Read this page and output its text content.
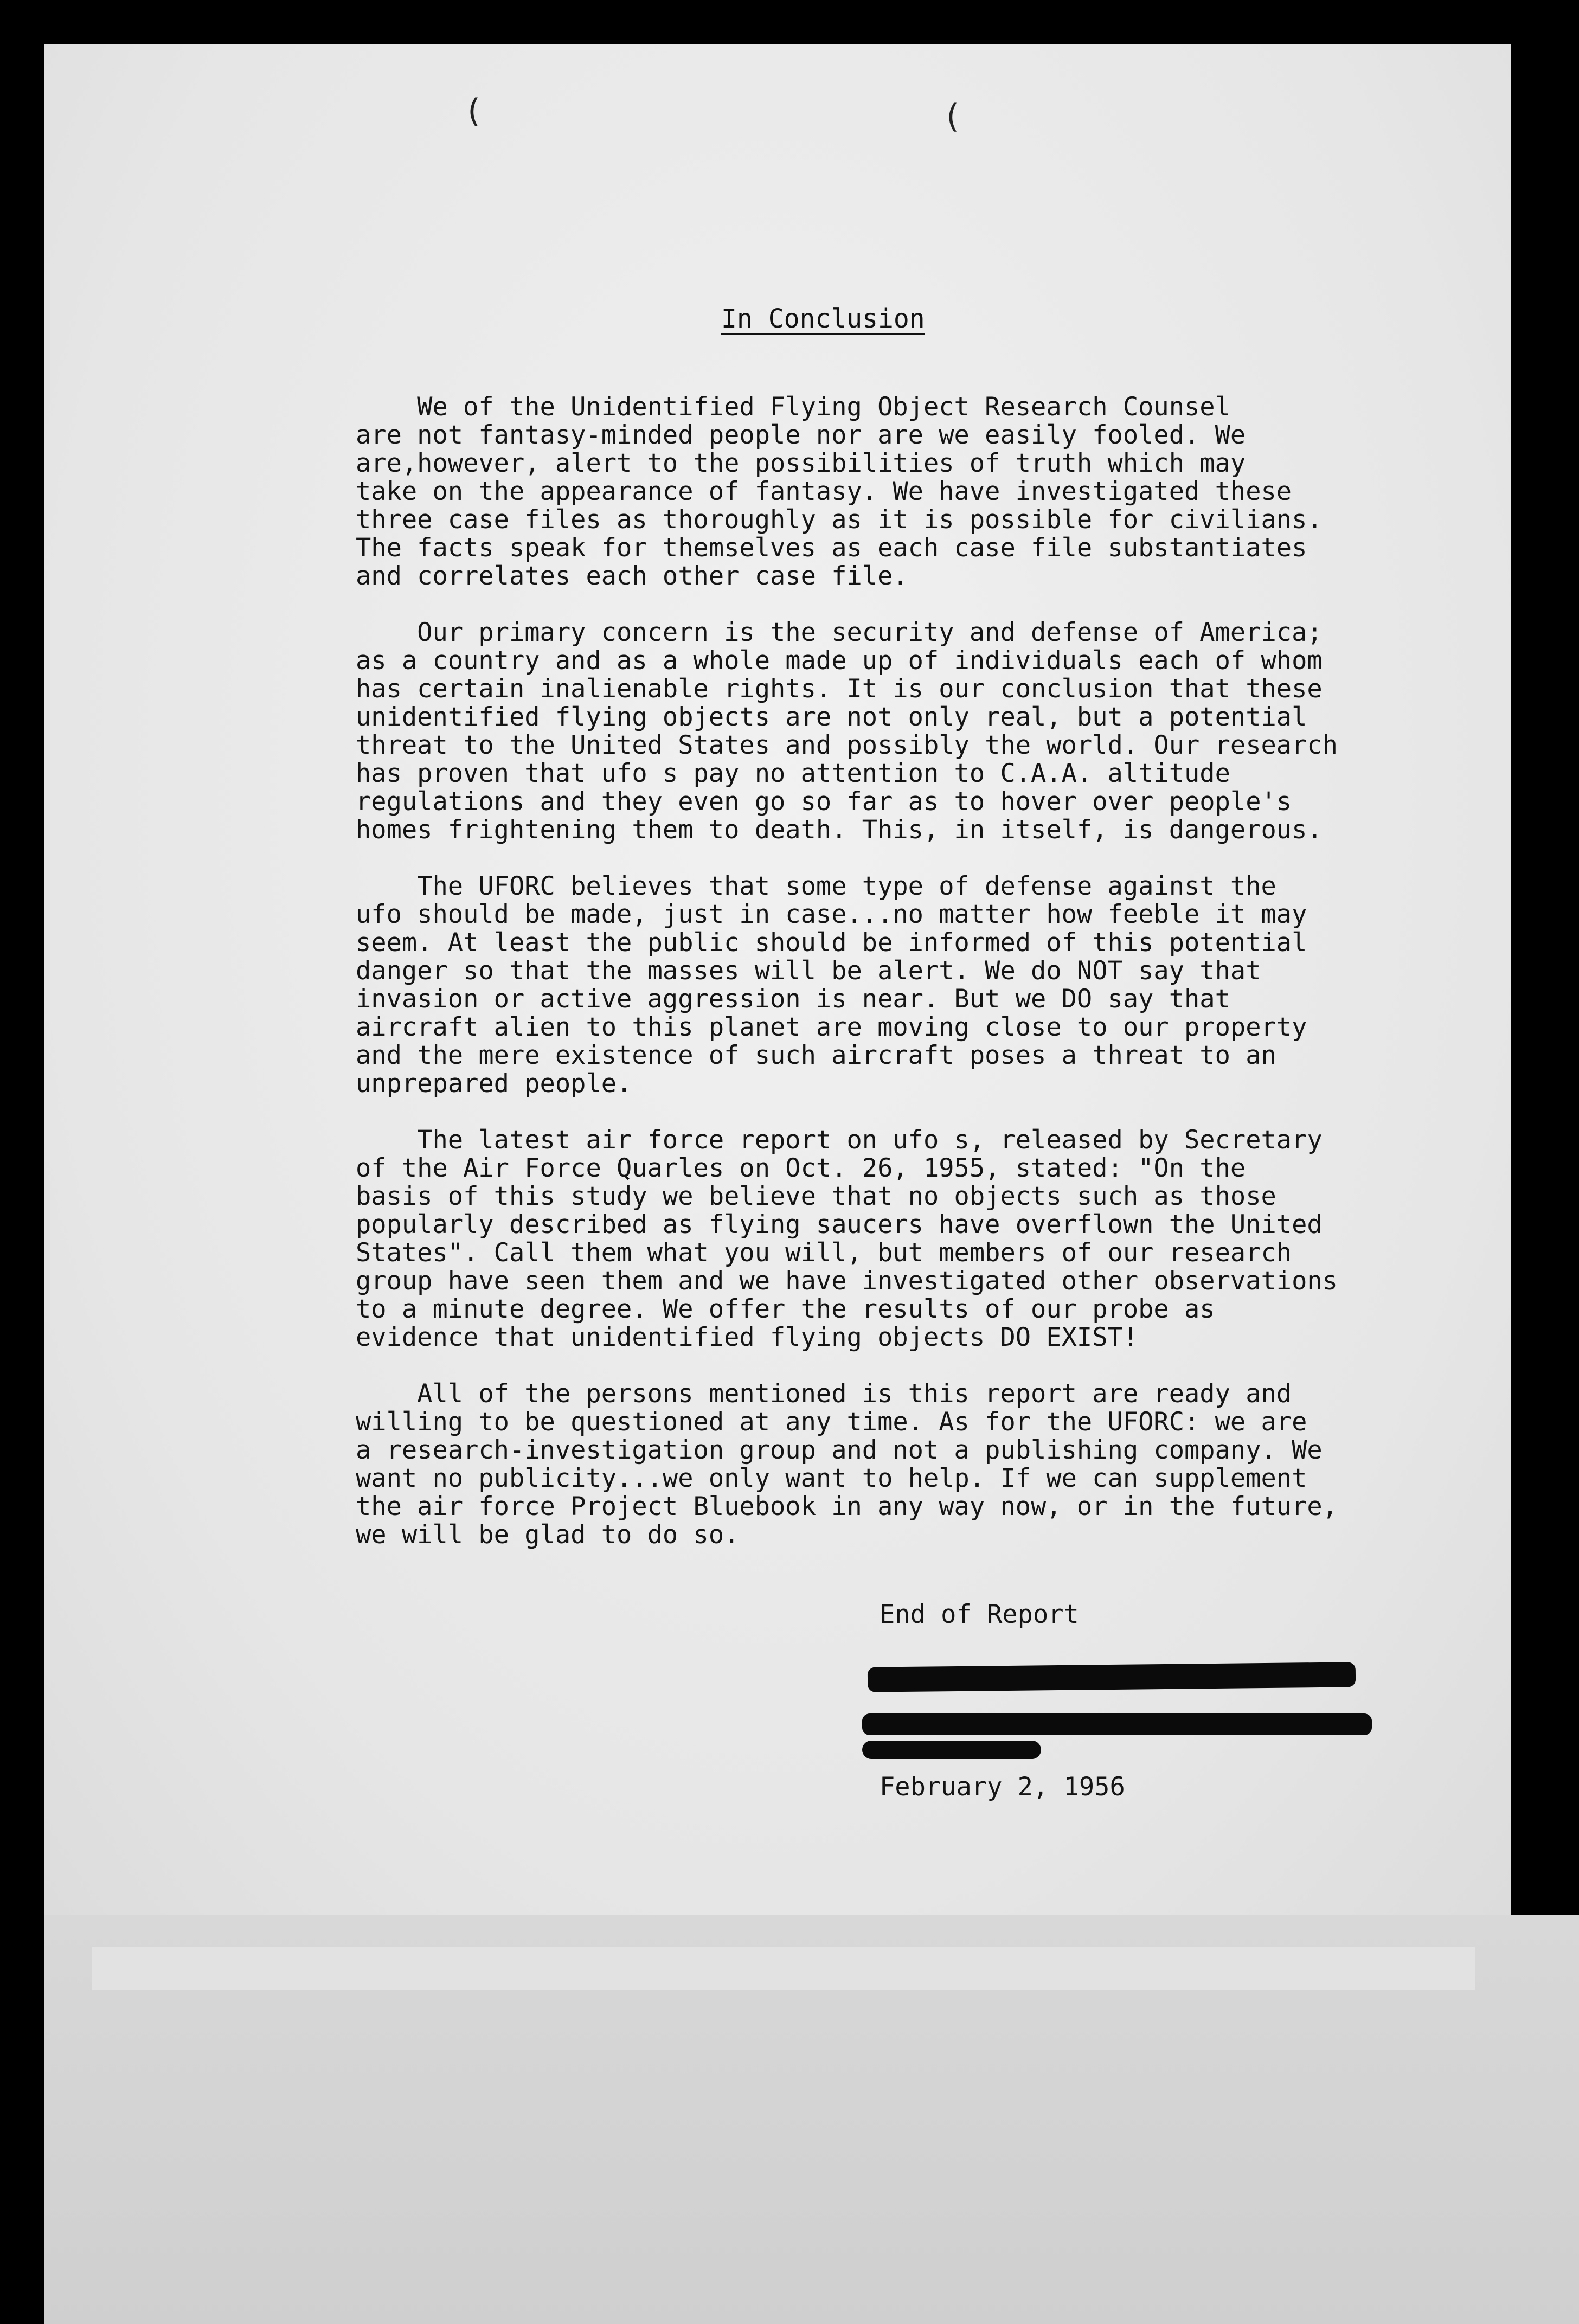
(	(
In Conclusion
We of the Unidentified Flying Object Research Counsel
are not fantasy-minded people nor are we easily fooled. We
are,however, alert to the possibilities of truth which may
take on the appearance of fantasy. We have investigated these
three case files as thoroughly as it is possible for civilians.
The facts speak for themselves as each case file substantiates
and correlates each other case file.
Our primary concern is the security and defense of America;
as a country and as a whole made up of individuals each of whom
has certain inalienable rights. It is our conclusion that these
unidentified flying objects are not only real, but a potential
threat to the United States and possibly the world. Our research
has proven that ufo s pay no attention to C.A.A. altitude
regulations and they even go so far as to hover over people's
homes frightening them to death. This, in itself, is dangerous.
The UFORC believes that some type of defense against the
ufo should be made, just in case...no matter how feeble it may
seem. At least the public should be informed of this potential
danger so that the masses will be alert. We do NOT say that
invasion or active aggression is near. But we DO say that
aircraft alien to this planet are moving close to our property
and the mere existence of such aircraft poses a threat to an
unprepared people.
The latest air force report on ufo s, released by Secretary
of the Air Force Quarles on Oct. 26, 1955, stated: "On the
basis of this study we believe that no objects such as those
popularly described as flying saucers have overflown the United
States". Call them what you will, but members of our research
group have seen them and we have investigated other observations
to a minute degree. We offer the results of our probe as
evidence that unidentified flying objects DO EXIST!
All of the persons mentioned is this report are ready and
willing to be questioned at any time. As for the UFORC: we are
a research-investigation group and not a publishing company. We
want no publicity...we only want to help. If we can supplement
the air force Project Bluebook in any way now, or in the future,
we will be glad to do so.
End of Report
February 2, 1956
